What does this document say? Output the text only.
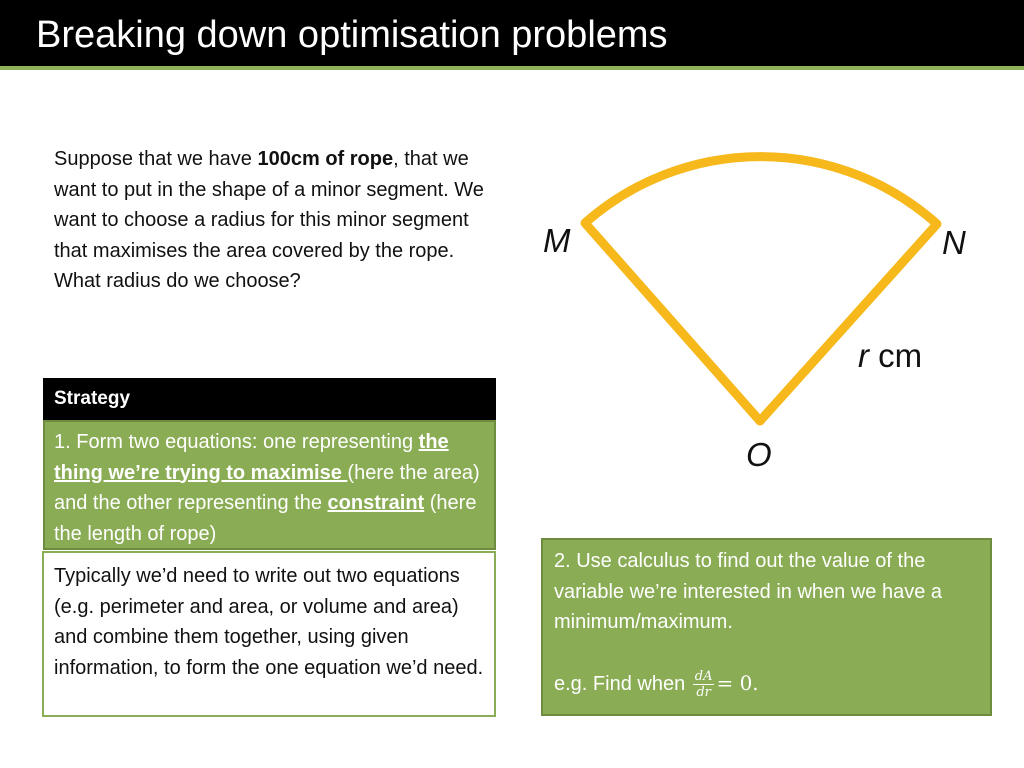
Breaking down optimisation problems
Suppose that we have 100cm of rope, that we want to put in the shape of a minor segment. We want to choose a radius for this minor segment that maximises the area covered by the rope. What radius do we choose?
Strategy
1. Form two equations: one representing the thing we’re trying to maximise (here the area) and the other representing the constraint (here the length of rope)
Typically we’d need to write out two equations (e.g. perimeter and area, or volume and area) and combine them together, using given information, to form the one equation we’d need.

2. Use calculus to find out the value of the variable we’re interested in when we have a minimum/maximum.

e.g. Find when $\frac{dA}{dr} = 0$.

M	N
O
r cm
